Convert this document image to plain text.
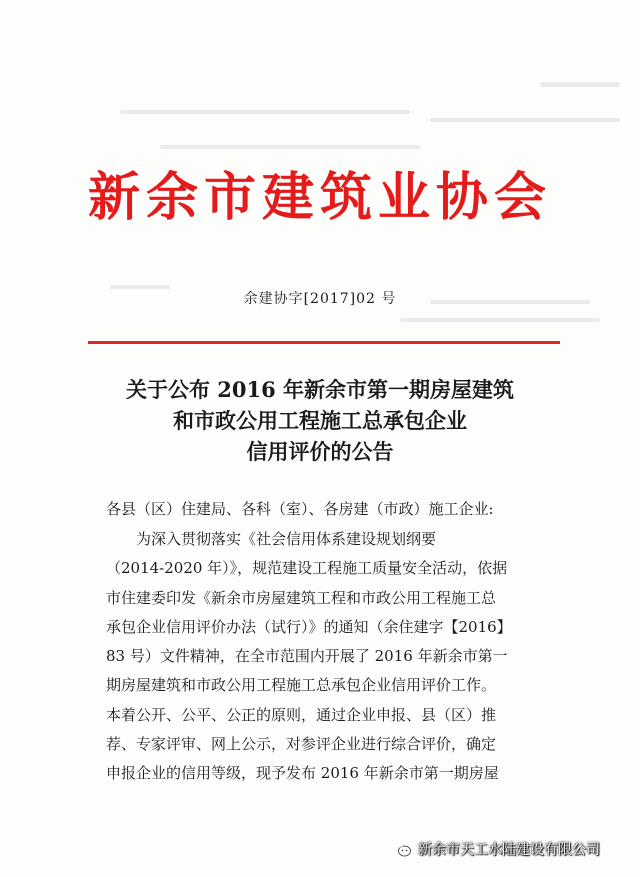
新余市建筑业协会
余建协字[2017]02 号
关于公布 2016 年新余市第一期房屋建筑
和市政公用工程施工总承包企业
信用评价的公告
各县（区）住建局、各科（室）、各房建（市政）施工企业:
为深入贯彻落实《社会信用体系建设规划纲要
（2014-2020 年）》，规范建设工程施工质量安全活动，依据
市住建委印发《新余市房屋建筑工程和市政公用工程施工总
承包企业信用评价办法（试行）》的通知（余住建字【2016】
83 号）文件精神，在全市范围内开展了 2016 年新余市第一
期房屋建筑和市政公用工程施工总承包企业信用评价工作。
本着公开、公平、公正的原则，通过企业申报、县（区）推
荐、专家评审、网上公示，对参评企业进行综合评价，确定
申报企业的信用等级，现予发布 2016 年新余市第一期房屋
新余市天工水陆建设有限公司
